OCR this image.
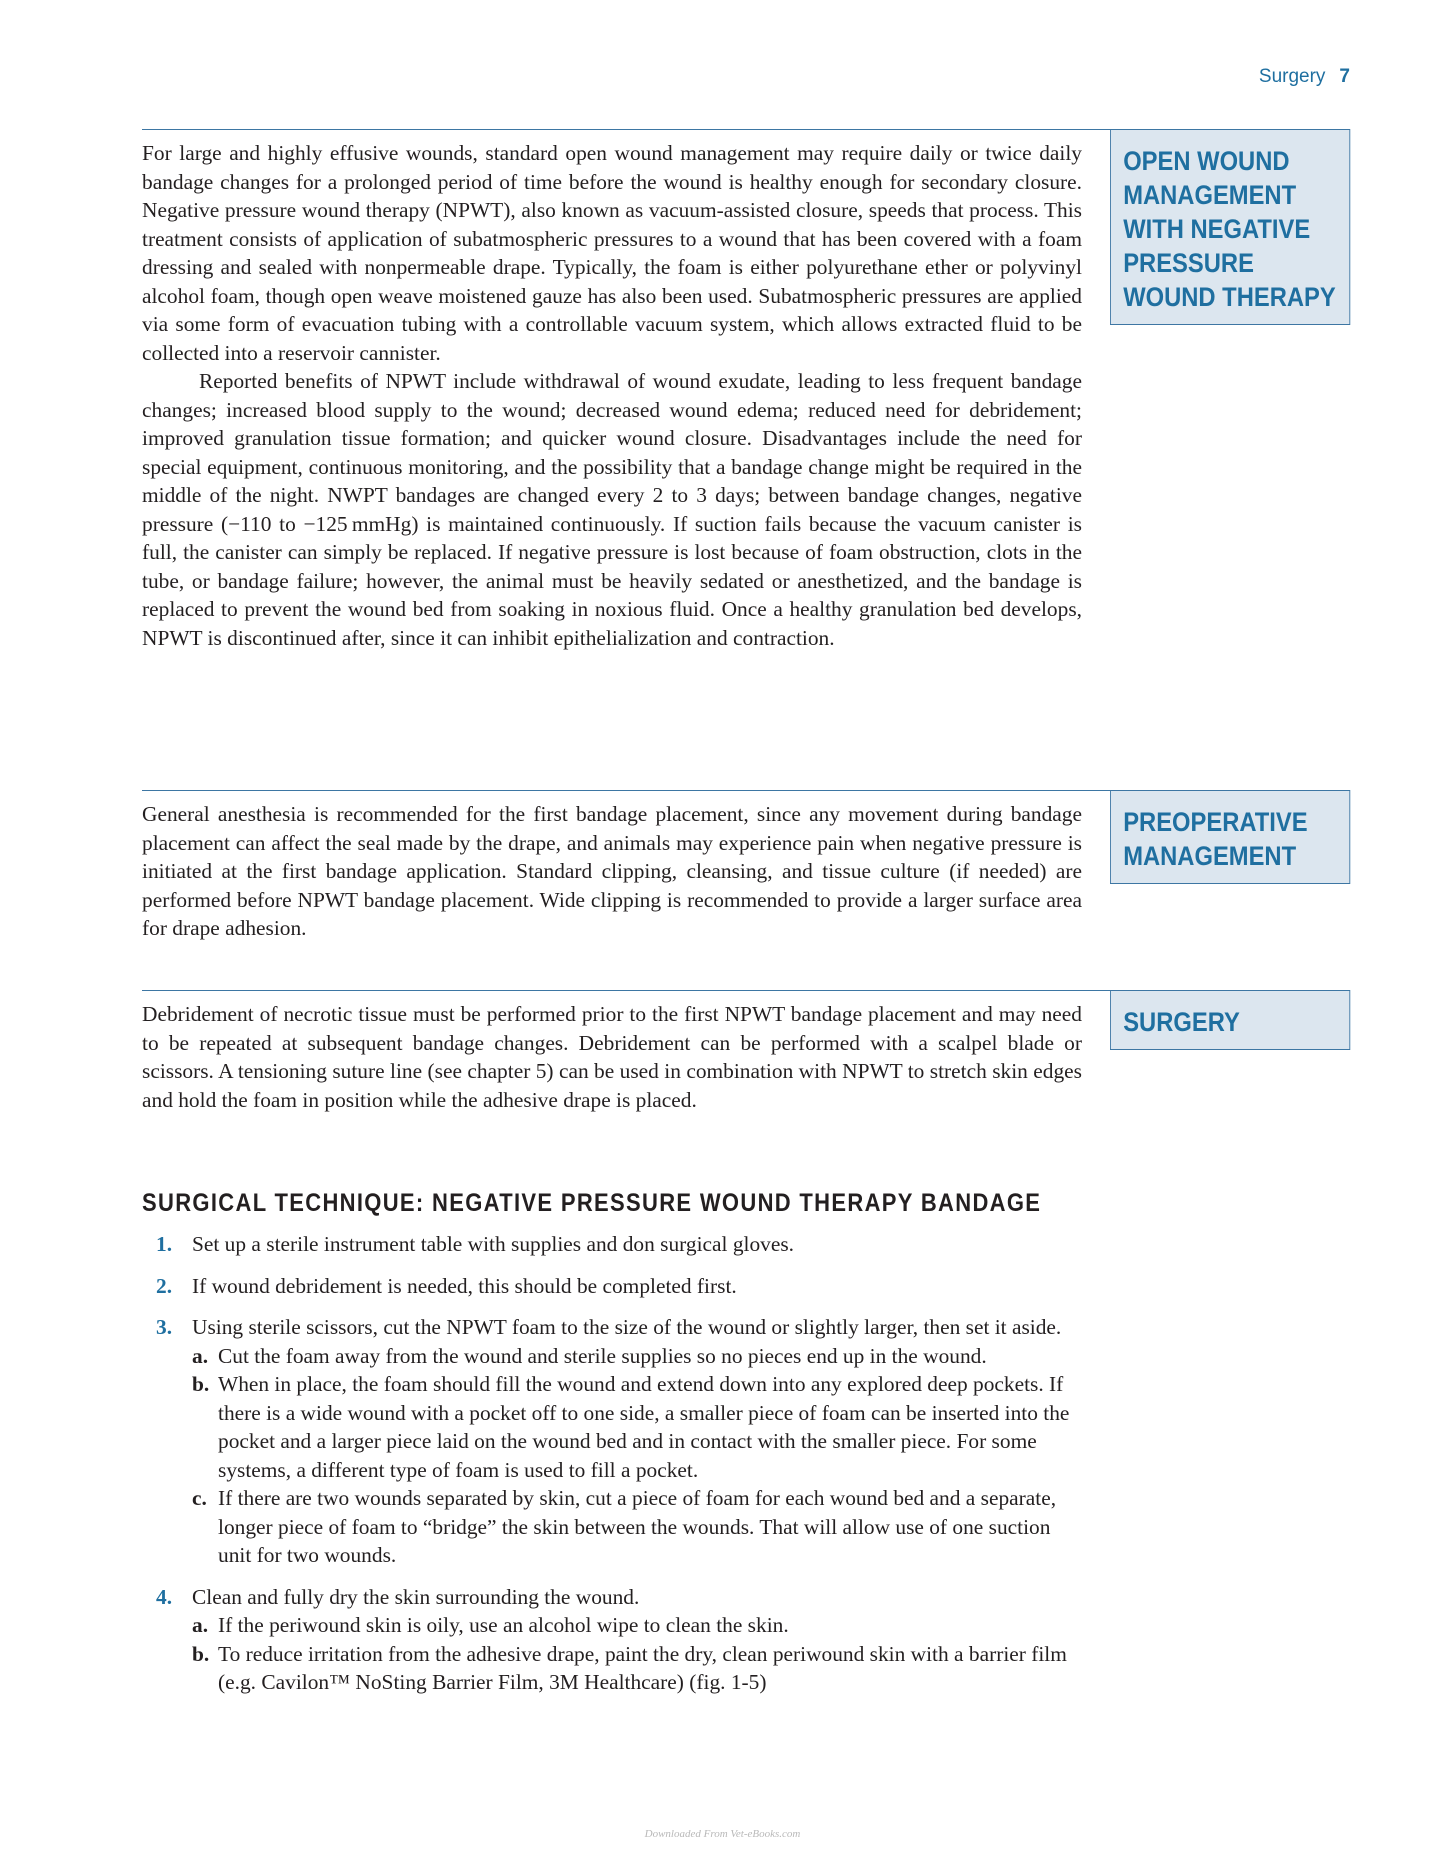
Surgery 7

For large and highly effusive wounds, standard open wound management may require daily or twice daily bandage changes for a prolonged period of time before the wound is healthy enough for secondary closure. Negative pressure wound therapy (NPWT), also known as vacuum-assisted closure, speeds that process. This treatment consists of application of subatmospheric pressures to a wound that has been covered with a foam dressing and sealed with nonpermeable drape. Typically, the foam is either polyurethane ether or polyvinyl alcohol foam, though open weave moistened gauze has also been used. Subatmospheric pressures are applied via some form of evacuation tubing with a controllable vacuum system, which allows extracted fluid to be collected into a reservoir cannister.

Reported benefits of NPWT include withdrawal of wound exudate, leading to less frequent bandage changes; increased blood supply to the wound; decreased wound edema; reduced need for debridement; improved granulation tissue formation; and quicker wound closure. Disadvantages include the need for special equipment, continuous monitoring, and the possibility that a bandage change might be required in the middle of the night. NWPT bandages are changed every 2 to 3 days; between bandage changes, negative pressure (−110 to −125 mmHg) is maintained continuously. If suction fails because the vacuum canister is full, the canister can simply be replaced. If negative pressure is lost because of foam obstruction, clots in the tube, or bandage failure; however, the animal must be heavily sedated or anesthetized, and the bandage is replaced to prevent the wound bed from soaking in noxious fluid. Once a healthy granulation bed develops, NPWT is discontinued after, since it can inhibit epithelialization and contraction.

OPEN WOUND MANAGEMENT WITH NEGATIVE PRESSURE WOUND THERAPY

General anesthesia is recommended for the first bandage placement, since any movement during bandage placement can affect the seal made by the drape, and animals may experience pain when negative pressure is initiated at the first bandage application. Standard clipping, cleansing, and tissue culture (if needed) are performed before NPWT bandage placement. Wide clipping is recommended to provide a larger surface area for drape adhesion.

PREOPERATIVE MANAGEMENT

Debridement of necrotic tissue must be performed prior to the first NPWT bandage placement and may need to be repeated at subsequent bandage changes. Debridement can be performed with a scalpel blade or scissors. A tensioning suture line (see chapter 5) can be used in combination with NPWT to stretch skin edges and hold the foam in position while the adhesive drape is placed.

SURGERY
SURGICAL TECHNIQUE: NEGATIVE PRESSURE WOUND THERAPY BANDAGE
1. Set up a sterile instrument table with supplies and don surgical gloves.
2. If wound debridement is needed, this should be completed first.
3. Using sterile scissors, cut the NPWT foam to the size of the wound or slightly larger, then set it aside.
a. Cut the foam away from the wound and sterile supplies so no pieces end up in the wound.
b. When in place, the foam should fill the wound and extend down into any explored deep pockets. If there is a wide wound with a pocket off to one side, a smaller piece of foam can be inserted into the pocket and a larger piece laid on the wound bed and in contact with the smaller piece. For some systems, a different type of foam is used to fill a pocket.
c. If there are two wounds separated by skin, cut a piece of foam for each wound bed and a separate, longer piece of foam to “bridge” the skin between the wounds. That will allow use of one suction unit for two wounds.
4. Clean and fully dry the skin surrounding the wound.
a. If the periwound skin is oily, use an alcohol wipe to clean the skin.
b. To reduce irritation from the adhesive drape, paint the dry, clean periwound skin with a barrier film (e.g. Cavilon™ NoSting Barrier Film, 3M Healthcare) (fig. 1-5)
Downloaded From Vet-eBooks.com
